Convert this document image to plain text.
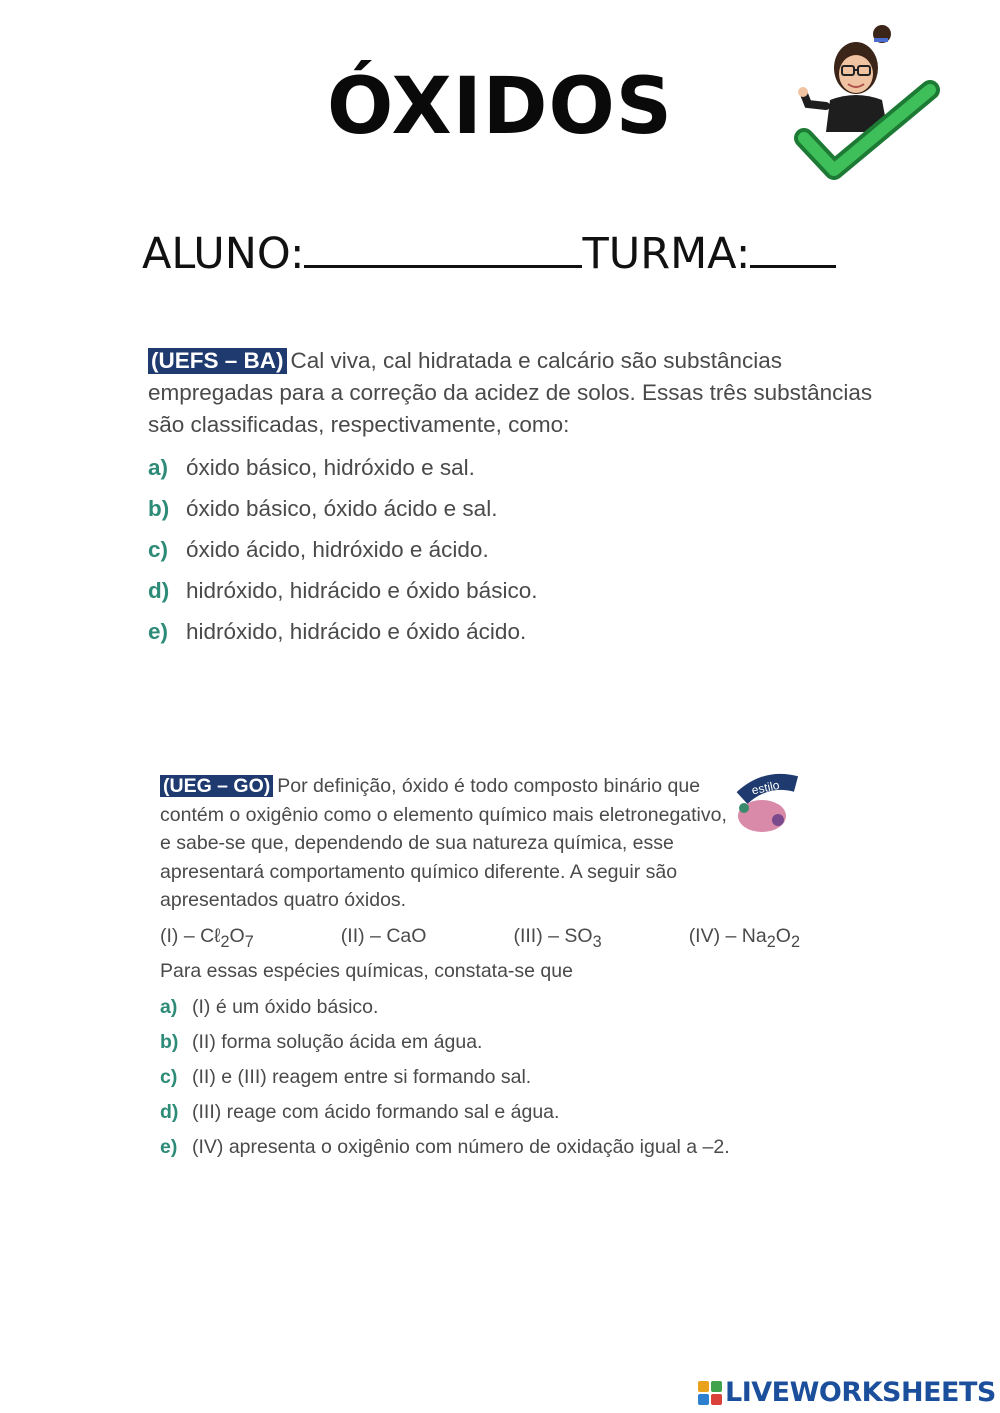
ÓXIDOS
ALUNO:	TURMA:

(UEFS – BA) Cal viva, cal hidratada e calcário são substâncias empregadas para a correção da acidez de solos. Essas três substâncias são classificadas, respectivamente, como:

a) óxido básico, hidróxido e sal.
b) óxido básico, óxido ácido e sal.
c) óxido ácido, hidróxido e ácido.
d) hidróxido, hidrácido e óxido básico.
e) hidróxido, hidrácido e óxido ácido.
estilo

(UEG – GO) Por definição, óxido é todo composto binário que contém o oxigênio como o elemento químico mais eletronegativo, e sabe-se que, dependendo de sua natureza química, esse apresentará comportamento químico diferente. A seguir são apresentados quatro óxidos.

$(I) - C\ell_2O_7$	(II) – CaO	$(III) - SO_3$	$(IV) - Na_2O_2$

Para essas espécies químicas, constata-se que

a) (I) é um óxido básico.
b) (II) forma solução ácida em água.
c) (II) e (III) reagem entre si formando sal.
d) (III) reage com ácido formando sal e água.
e) (IV) apresenta o oxigênio com número de oxidação igual a –2.
LIVEWORKSHEETS
